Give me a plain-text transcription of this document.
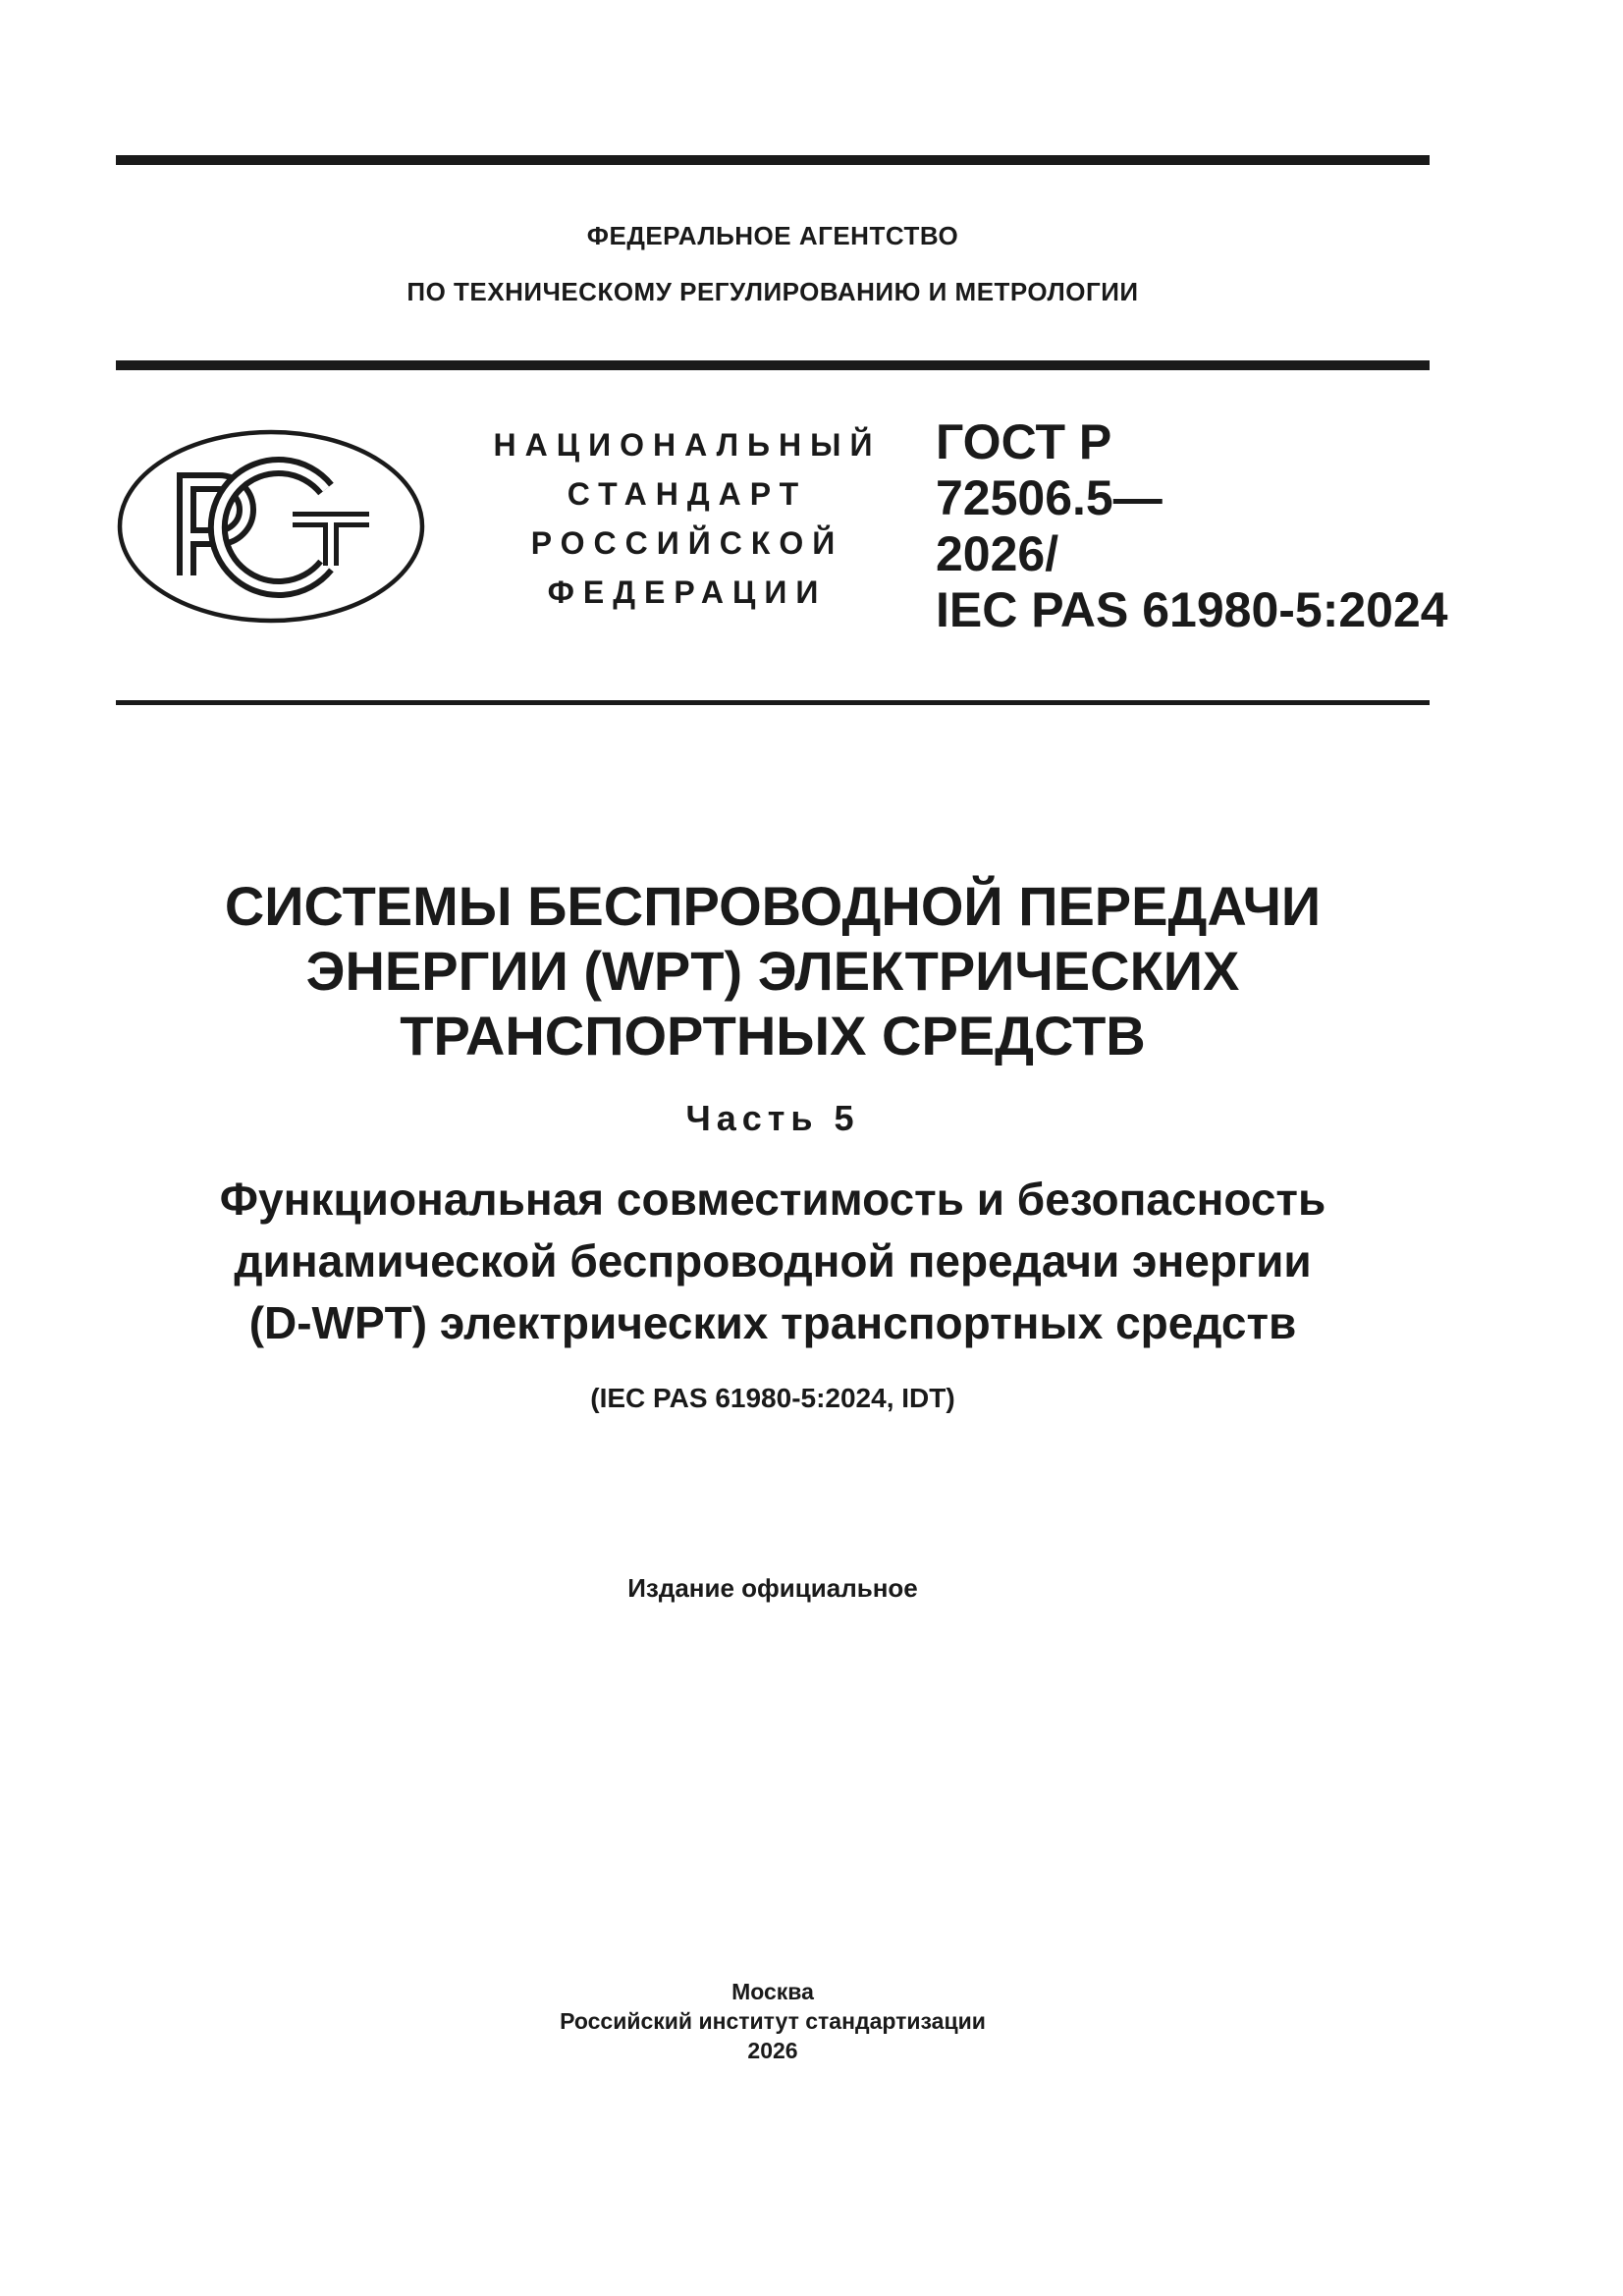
ФЕДЕРАЛЬНОЕ АГЕНТСТВО
ПО ТЕХНИЧЕСКОМУ РЕГУЛИРОВАНИЮ И МЕТРОЛОГИИ
НАЦИОНАЛЬНЫЙ
СТАНДАРТ
РОССИЙСКОЙ
ФЕДЕРАЦИИ
ГОСТ Р
72506.5—
2026/
IEC PAS 61980-5:2024
СИСТЕМЫ БЕСПРОВОДНОЙ ПЕРЕДАЧИ
ЭНЕРГИИ (WPT) ЭЛЕКТРИЧЕСКИХ
ТРАНСПОРТНЫХ СРЕДСТВ
Часть 5
Функциональная совместимость и безопасность
динамической беспроводной передачи энергии
(D-WPT) электрических транспортных средств
(IEC PAS 61980-5:2024, IDT)
Издание официальное
Москва
Российский институт стандартизации
2026
